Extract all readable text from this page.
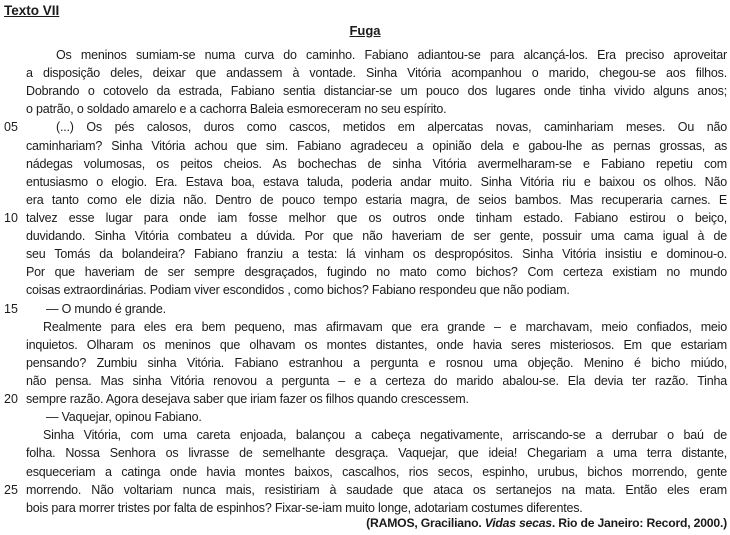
Texto VII
Fuga
Os meninos sumiam-se numa curva do caminho. Fabiano adiantou-se para alcançá-los. Era preciso aproveitar
a disposição deles, deixar que andassem à vontade. Sinha Vitória acompanhou o marido, chegou-se aos filhos.
Dobrando o cotovelo da estrada, Fabiano sentia distanciar-se um pouco dos lugares onde tinha vivido alguns anos;
o patrão, o soldado amarelo e a cachorra Baleia esmoreceram no seu espírito.
05	(...) Os pés calosos, duros como cascos, metidos em alpercatas novas, caminhariam meses. Ou não
caminhariam? Sinha Vitória achou que sim. Fabiano agradeceu a opinião dela e gabou-lhe as pernas grossas, as
nádegas volumosas, os peitos cheios. As bochechas de sinha Vitória avermelharam-se e Fabiano repetiu com
entusiasmo o elogio. Era. Estava boa, estava taluda, poderia andar muito. Sinha Vitória riu e baixou os olhos. Não
era tanto como ele dizia não. Dentro de pouco tempo estaria magra, de seios bambos. Mas recuperaria carnes. E
10 talvez esse lugar para onde iam fosse melhor que os outros onde tinham estado. Fabiano estirou o beiço,
duvidando. Sinha Vitória combateu a dúvida. Por que não haveriam de ser gente, possuir uma cama igual à de
seu Tomás da bolandeira? Fabiano franziu a testa: lá vinham os despropósitos. Sinha Vitória insistiu e dominou-o.
Por que haveriam de ser sempre desgraçados, fugindo no mato como bichos? Com certeza existiam no mundo
coisas extraordinárias. Podiam viver escondidos , como bichos? Fabiano respondeu que não podiam.
15 — O mundo é grande.
Realmente para eles era bem pequeno, mas afirmavam que era grande – e marchavam, meio confiados, meio
inquietos. Olharam os meninos que olhavam os montes distantes, onde havia seres misteriosos. Em que estariam
pensando? Zumbiu sinha Vitória. Fabiano estranhou a pergunta e rosnou uma objeção. Menino é bicho miúdo,
não pensa. Mas sinha Vitória renovou a pergunta – e a certeza do marido abalou-se. Ela devia ter razão. Tinha
20 sempre razão. Agora desejava saber que iriam fazer os filhos quando crescessem.
— Vaquejar, opinou Fabiano.
Sinha Vitória, com uma careta enjoada, balançou a cabeça negativamente, arriscando-se a derrubar o baú de
folha. Nossa Senhora os livrasse de semelhante desgraça. Vaquejar, que ideia! Chegariam a uma terra distante,
esqueceriam a catinga onde havia montes baixos, cascalhos, rios secos, espinho, urubus, bichos morrendo, gente
25 morrendo. Não voltariam nunca mais, resistiriam à saudade que ataca os sertanejos na mata. Então eles eram
bois para morrer tristes por falta de espinhos? Fixar-se-iam muito longe, adotariam costumes diferentes.
(RAMOS, Graciliano. Vidas secas. Rio de Janeiro: Record, 2000.)
